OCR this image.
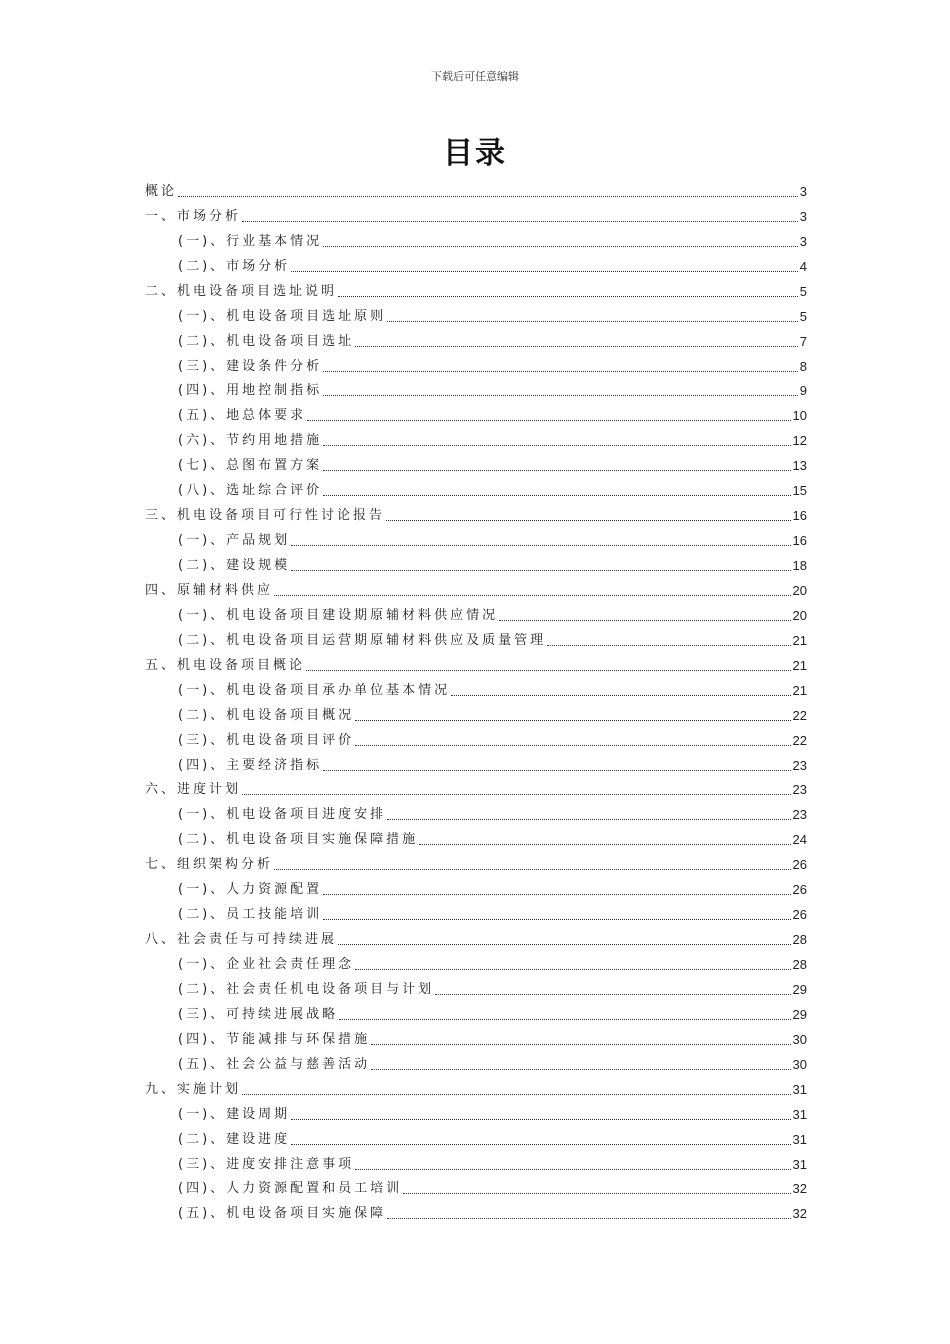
下载后可任意编辑
目录
概论	3
一、市场分析	3
(一)、行业基本情况	3
(二)、市场分析	4
二、机电设备项目选址说明	5
(一)、机电设备项目选址原则	5
(二)、机电设备项目选址	7
(三)、建设条件分析	8
(四)、用地控制指标	9
(五)、地总体要求	10
(六)、节约用地措施	12
(七)、总图布置方案	13
(八)、选址综合评价	15
三、机电设备项目可行性讨论报告	16
(一)、产品规划	16
(二)、建设规模	18
四、原辅材料供应	20
(一)、机电设备项目建设期原辅材料供应情况	20
(二)、机电设备项目运营期原辅材料供应及质量管理	21
五、机电设备项目概论	21
(一)、机电设备项目承办单位基本情况	21
(二)、机电设备项目概况	22
(三)、机电设备项目评价	22
(四)、主要经济指标	23
六、进度计划	23
(一)、机电设备项目进度安排	23
(二)、机电设备项目实施保障措施	24
七、组织架构分析	26
(一)、人力资源配置	26
(二)、员工技能培训	26
八、社会责任与可持续进展	28
(一)、企业社会责任理念	28
(二)、社会责任机电设备项目与计划	29
(三)、可持续进展战略	29
(四)、节能减排与环保措施	30
(五)、社会公益与慈善活动	30
九、实施计划	31
(一)、建设周期	31
(二)、建设进度	31
(三)、进度安排注意事项	31
(四)、人力资源配置和员工培训	32
(五)、机电设备项目实施保障	32
